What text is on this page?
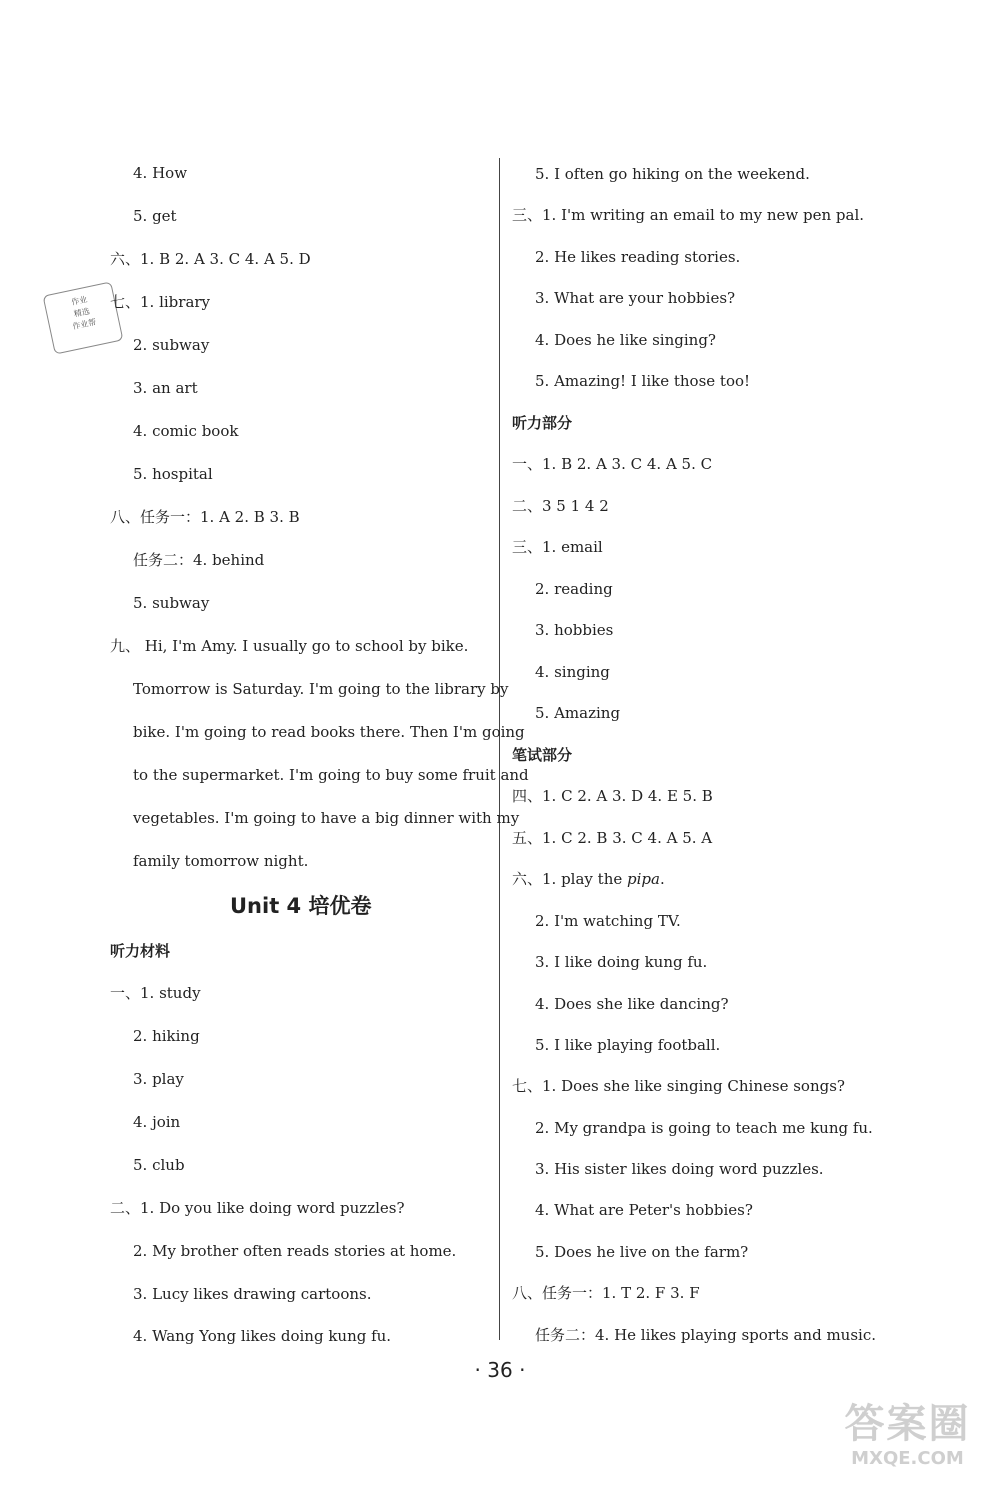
作业
精选
作业帮
4. How
5. get
六、1. B 2. A 3. C 4. A 5. D
七、1. library
2. subway
3. an art
4. comic book
5. hospital
八、任务一：1. A 2. B 3. B
任务二：4. behind
5. subway
九、 Hi, I'm Amy. I usually go to school by bike.
Tomorrow is Saturday. I'm going to the library by
bike. I'm going to read books there. Then I'm going
to the supermarket. I'm going to buy some fruit and
vegetables. I'm going to have a big dinner with my
family tomorrow night.
Unit 4 培优卷
听力材料
一、1. study
2. hiking
3. play
4. join
5. club
二、1. Do you like doing word puzzles?
2. My brother often reads stories at home.
3. Lucy likes drawing cartoons.
4. Wang Yong likes doing kung fu.
5. I often go hiking on the weekend.
三、1. I'm writing an email to my new pen pal.
2. He likes reading stories.
3. What are your hobbies?
4. Does he like singing?
5. Amazing! I like those too!
听力部分
一、1. B 2. A 3. C 4. A 5. C
二、3 5 1 4 2
三、1. email
2. reading
3. hobbies
4. singing
5. Amazing
笔试部分
四、1. C 2. A 3. D 4. E 5. B
五、1. C 2. B 3. C 4. A 5. A
六、1. play the pipa.
2. I'm watching TV.
3. I like doing kung fu.
4. Does she like dancing?
5. I like playing football.
七、1. Does she like singing Chinese songs?
2. My grandpa is going to teach me kung fu.
3. His sister likes doing word puzzles.
4. What are Peter's hobbies?
5. Does he live on the farm?
八、任务一：1. T 2. F 3. F
任务二：4. He likes playing sports and music.
· 36 ·
答案圈
MXQE.COM
